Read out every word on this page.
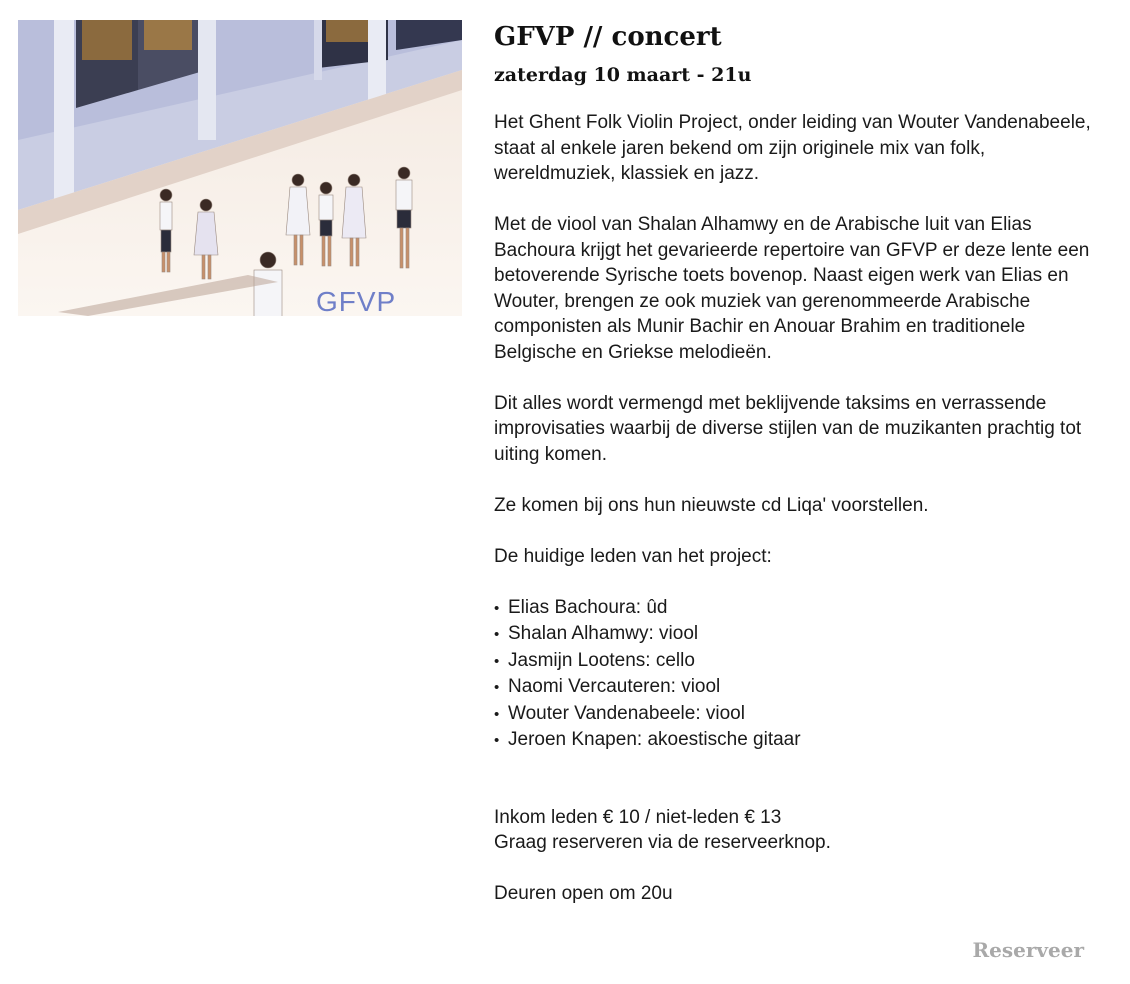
GFVP
GFVP // concert
zaterdag 10 maart - 21u

Het Ghent Folk Violin Project, onder leiding van Wouter Vandenabeele, staat al enkele jaren bekend om zijn originele mix van folk, wereldmuziek, klassiek en jazz.

Met de viool van Shalan Alhamwy en de Arabische luit van Elias Bachoura krijgt het gevarieerde repertoire van GFVP er deze lente een betoverende Syrische toets bovenop. Naast eigen werk van Elias en Wouter, brengen ze ook muziek van gerenommeerde Arabische componisten als Munir Bachir en Anouar Brahim en traditionele Belgische en Griekse melodieën.

Dit alles wordt vermengd met beklijvende taksims en verrassende improvisaties waarbij de diverse stijlen van de muzikanten prachtig tot uiting komen.

Ze komen bij ons hun nieuwste cd Liqa' voorstellen.

De huidige leden van het project:

• Elias Bachoura: ûd
• Shalan Alhamwy: viool
• Jasmijn Lootens: cello
• Naomi Vercauteren: viool
• Wouter Vandenabeele: viool
• Jeroen Knapen: akoestische gitaar

Inkom leden € 10 / niet-leden € 13

Graag reserveren via de reserveerknop.

Deuren open om 20u

Reserveer
